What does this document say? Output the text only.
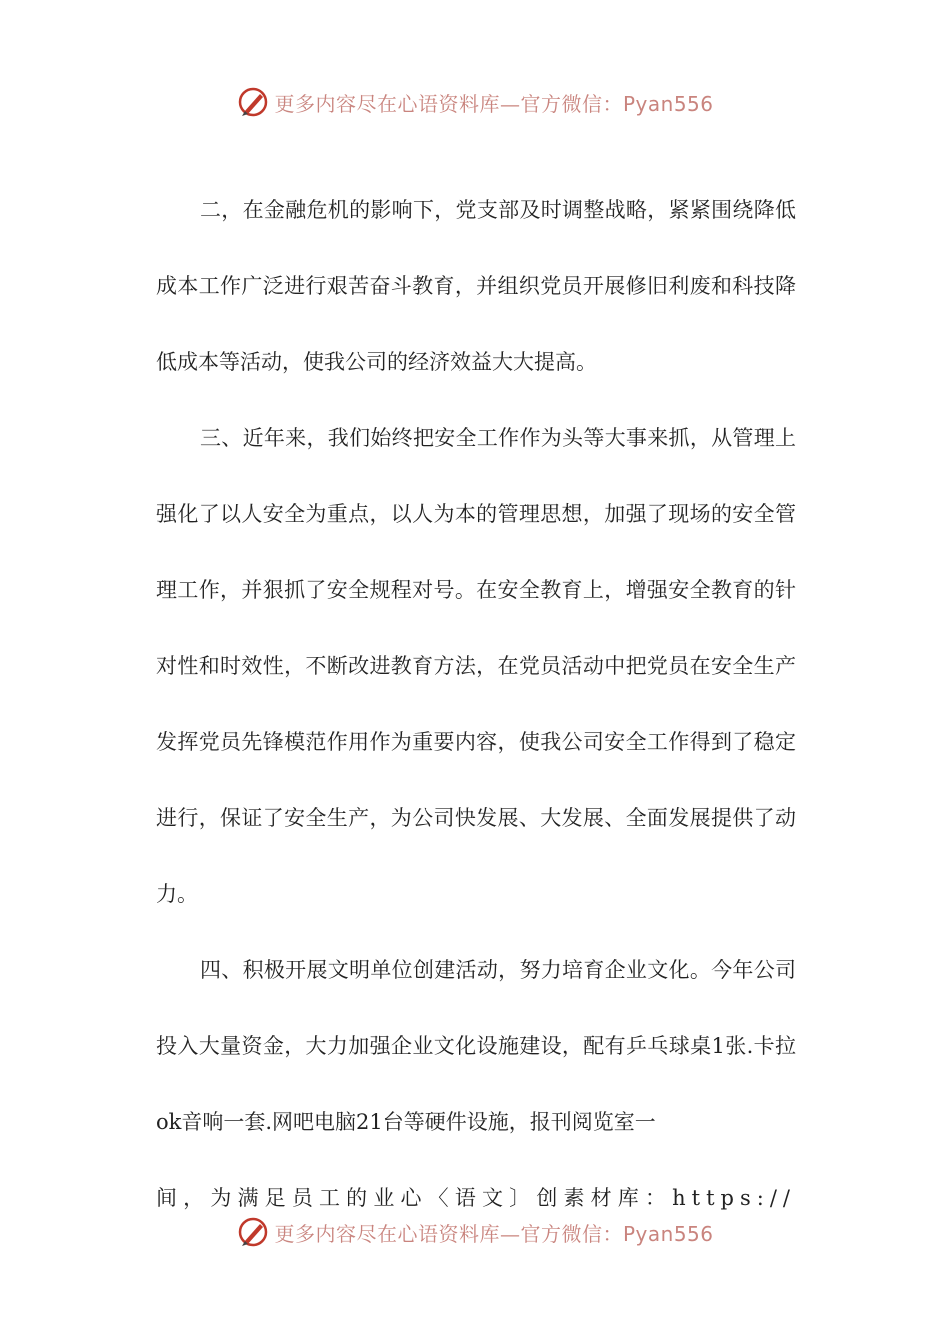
更多内容尽在心语资料库—官方微信：Pyan556

二，在金融危机的影响下，党支部及时调整战略，紧紧围绕降低成本工作广泛进行艰苦奋斗教育，并组织党员开展修旧利废和科技降低成本等活动，使我公司的经济效益大大提高。

三、近年来，我们始终把安全工作作为头等大事来抓，从管理上强化了以人安全为重点，以人为本的管理思想，加强了现场的安全管理工作，并狠抓了安全规程对号。在安全教育上，增强安全教育的针对性和时效性，不断改进教育方法，在党员活动中把党员在安全生产发挥党员先锋模范作用作为重要内容，使我公司安全工作得到了稳定进行，保证了安全生产，为公司快发展、大发展、全面发展提供了动力。

四、积极开展文明单位创建活动，努力培育企业文化。今年公司投入大量资金，大力加强企业文化设施建设，配有乒乓球桌1张.卡拉ok音响一套.网吧电脑21台等硬件设施，报刊阅览室一

间，为满足员工的业心〈语文〕创素材库：https://

更多内容尽在心语资料库—官方微信：Pyan556
